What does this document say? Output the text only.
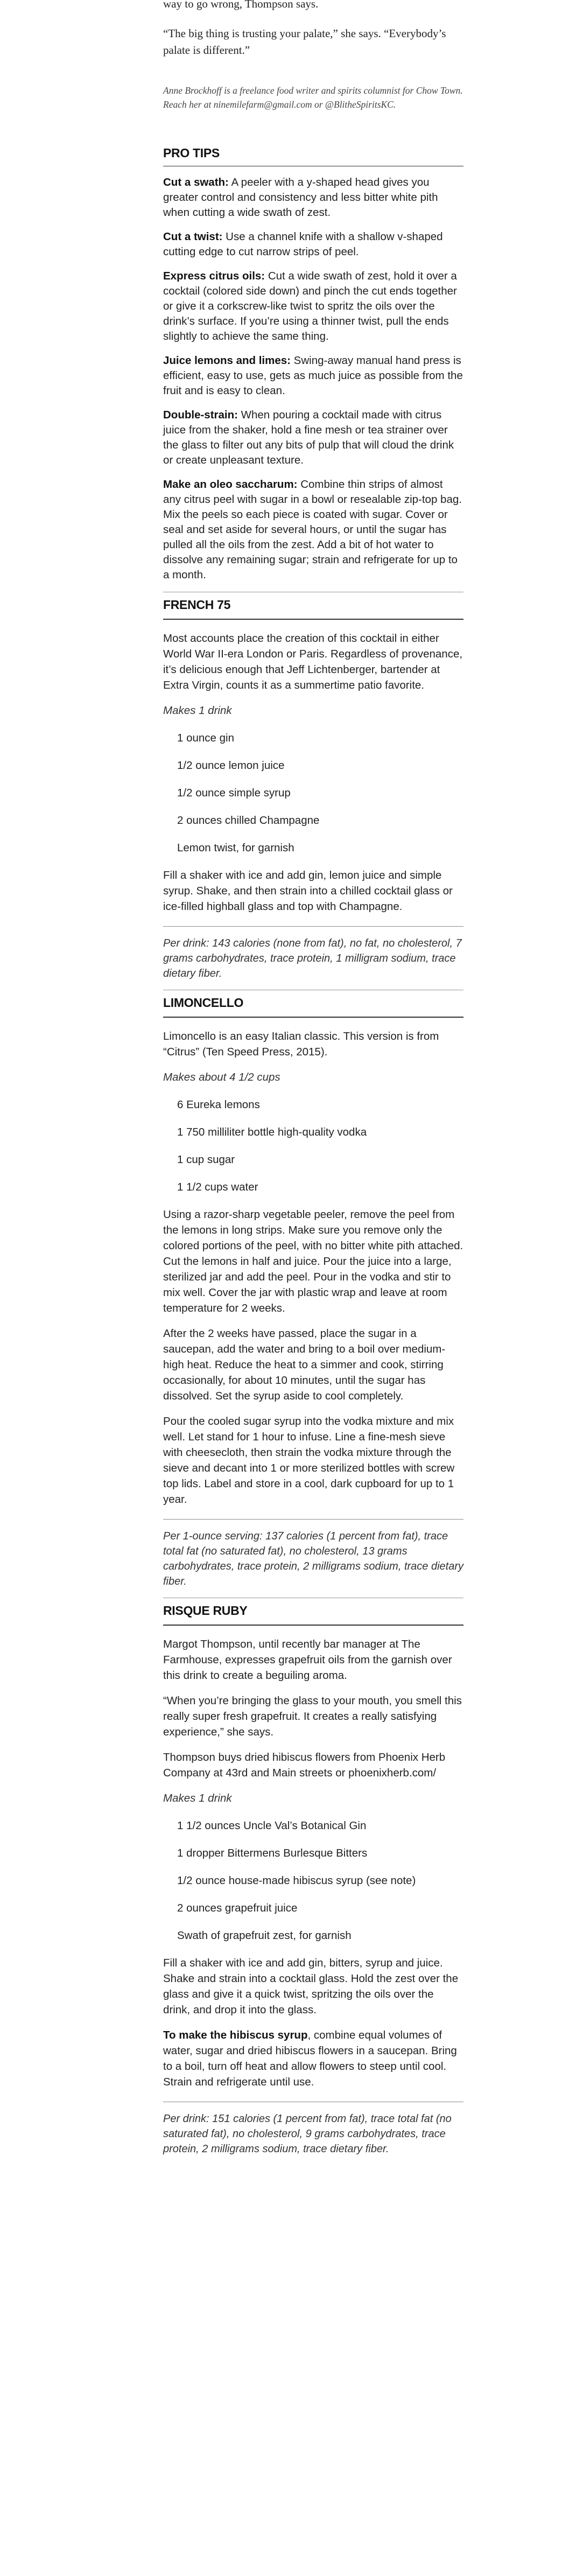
way to go wrong, Thompson says.

“The big thing is trusting your palate,” she says. “Everybody’s palate is different.”

Anne Brockhoff is a freelance food writer and spirits columnist for Chow Town. Reach her at ninemilefarm@gmail.com or @BlitheSpiritsKC.

PRO TIPS

Cut a swath: A peeler with a y-shaped head gives you greater control and consistency and less bitter white pith when cutting a wide swath of zest.

Cut a twist: Use a channel knife with a shallow v-shaped cutting edge to cut narrow strips of peel.

Express citrus oils: Cut a wide swath of zest, hold it over a cocktail (colored side down) and pinch the cut ends together or give it a corkscrew-like twist to spritz the oils over the drink’s surface. If you’re using a thinner twist, pull the ends slightly to achieve the same thing.

Juice lemons and limes: Swing-away manual hand press is efficient, easy to use, gets as much juice as possible from the fruit and is easy to clean.

Double-strain: When pouring a cocktail made with citrus juice from the shaker, hold a fine mesh or tea strainer over the glass to filter out any bits of pulp that will cloud the drink or create unpleasant texture.

Make an oleo saccharum: Combine thin strips of almost any citrus peel with sugar in a bowl or resealable zip-top bag. Mix the peels so each piece is coated with sugar. Cover or seal and set aside for several hours, or until the sugar has pulled all the oils from the zest. Add a bit of hot water to dissolve any remaining sugar; strain and refrigerate for up to a month.

FRENCH 75

Most accounts place the creation of this cocktail in either World War II-era London or Paris. Regardless of provenance, it’s delicious enough that Jeff Lichtenberger, bartender at Extra Virgin, counts it as a summertime patio favorite.

Makes 1 drink

1 ounce gin
1/2 ounce lemon juice
1/2 ounce simple syrup
2 ounces chilled Champagne
Lemon twist, for garnish

Fill a shaker with ice and add gin, lemon juice and simple syrup. Shake, and then strain into a chilled cocktail glass or ice-filled highball glass and top with Champagne.

Per drink: 143 calories (none from fat), no fat, no cholesterol, 7 grams carbohydrates, trace protein, 1 milligram sodium, trace dietary fiber.
LIMONCELLO

Limoncello is an easy Italian classic. This version is from “Citrus” (Ten Speed Press, 2015).

Makes about 4 1/2 cups

6 Eureka lemons
1 750 milliliter bottle high-quality vodka
1 cup sugar
1 1/2 cups water

Using a razor-sharp vegetable peeler, remove the peel from the lemons in long strips. Make sure you remove only the colored portions of the peel, with no bitter white pith attached. Cut the lemons in half and juice. Pour the juice into a large, sterilized jar and add the peel. Pour in the vodka and stir to mix well. Cover the jar with plastic wrap and leave at room temperature for 2 weeks.

After the 2 weeks have passed, place the sugar in a saucepan, add the water and bring to a boil over medium-high heat. Reduce the heat to a simmer and cook, stirring occasionally, for about 10 minutes, until the sugar has dissolved. Set the syrup aside to cool completely.

Pour the cooled sugar syrup into the vodka mixture and mix well. Let stand for 1 hour to infuse. Line a fine-mesh sieve with cheesecloth, then strain the vodka mixture through the sieve and decant into 1 or more sterilized bottles with screw top lids. Label and store in a cool, dark cupboard for up to 1 year.

Per 1-ounce serving: 137 calories (1 percent from fat), trace total fat (no saturated fat), no cholesterol, 13 grams carbohydrates, trace protein, 2 milligrams sodium, trace dietary fiber.
RISQUE RUBY

Margot Thompson, until recently bar manager at The Farmhouse, expresses grapefruit oils from the garnish over this drink to create a beguiling aroma.

“When you’re bringing the glass to your mouth, you smell this really super fresh grapefruit. It creates a really satisfying experience,” she says.

Thompson buys dried hibiscus flowers from Phoenix Herb Company at 43rd and Main streets or phoenixherb.com/

Makes 1 drink

1 1/2 ounces Uncle Val’s Botanical Gin
1 dropper Bittermens Burlesque Bitters
1/2 ounce house-made hibiscus syrup (see note)
2 ounces grapefruit juice
Swath of grapefruit zest, for garnish

Fill a shaker with ice and add gin, bitters, syrup and juice. Shake and strain into a cocktail glass. Hold the zest over the glass and give it a quick twist, spritzing the oils over the drink, and drop it into the glass.

To make the hibiscus syrup, combine equal volumes of water, sugar and dried hibiscus flowers in a saucepan. Bring to a boil, turn off heat and allow flowers to steep until cool. Strain and refrigerate until use.

Per drink: 151 calories (1 percent from fat), trace total fat (no saturated fat), no cholesterol, 9 grams carbohydrates, trace protein, 2 milligrams sodium, trace dietary fiber.
